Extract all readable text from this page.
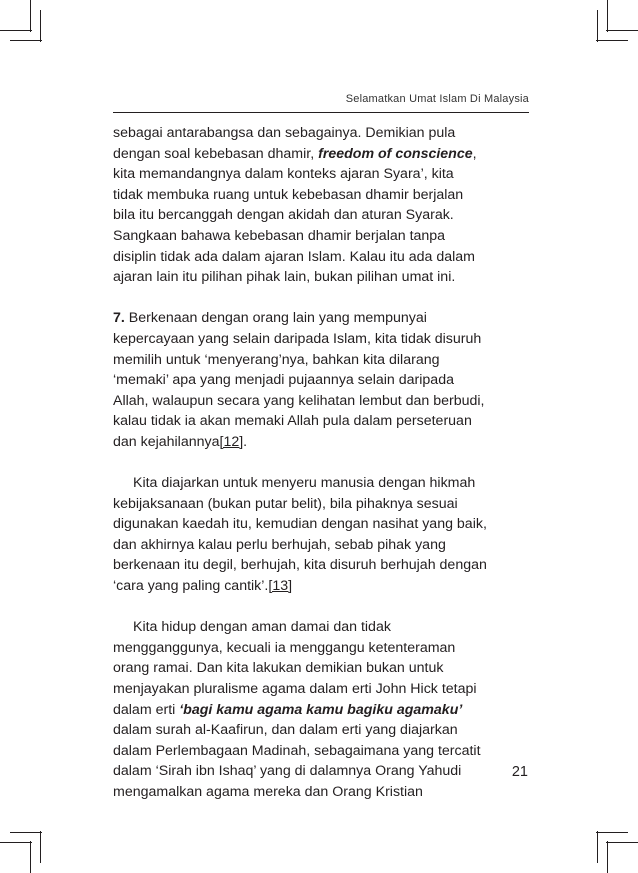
Selamatkan Umat Islam Di Malaysia
sebagai antarabangsa dan sebagainya. Demikian pula
dengan soal kebebasan dhamir, freedom of conscience,
kita memandangnya dalam konteks ajaran Syara’, kita
tidak membuka ruang untuk kebebasan dhamir berjalan
bila itu bercanggah dengan akidah dan aturan Syarak.
Sangkaan bahawa kebebasan dhamir berjalan tanpa
disiplin tidak ada dalam ajaran Islam. Kalau itu ada dalam
ajaran lain itu pilihan pihak lain, bukan pilihan umat ini.
7. Berkenaan dengan orang lain yang mempunyai
kepercayaan yang selain daripada Islam, kita tidak disuruh
memilih untuk ‘menyerang’nya, bahkan kita dilarang
‘memaki’ apa yang menjadi pujaannya selain daripada
Allah, walaupun secara yang kelihatan lembut dan berbudi,
kalau tidak ia akan memaki Allah pula dalam perseteruan
dan kejahilannya[12].
Kita diajarkan untuk menyeru manusia dengan hikmah
kebijaksanaan (bukan putar belit), bila pihaknya sesuai
digunakan kaedah itu, kemudian dengan nasihat yang baik,
dan akhirnya kalau perlu berhujah, sebab pihak yang
berkenaan itu degil, berhujah, kita disuruh berhujah dengan
‘cara yang paling cantik’.[13]
Kita hidup dengan aman damai dan tidak
mengganggunya, kecuali ia menggangu ketenteraman
orang ramai. Dan kita lakukan demikian bukan untuk
menjayakan pluralisme agama dalam erti John Hick tetapi
dalam erti ‘bagi kamu agama kamu bagiku agamaku’
dalam surah al-Kaafirun, dan dalam erti yang diajarkan
dalam Perlembagaan Madinah, sebagaimana yang tercatit
dalam ‘Sirah ibn Ishaq’ yang di dalamnya Orang Yahudi
mengamalkan agama mereka dan Orang Kristian
21
